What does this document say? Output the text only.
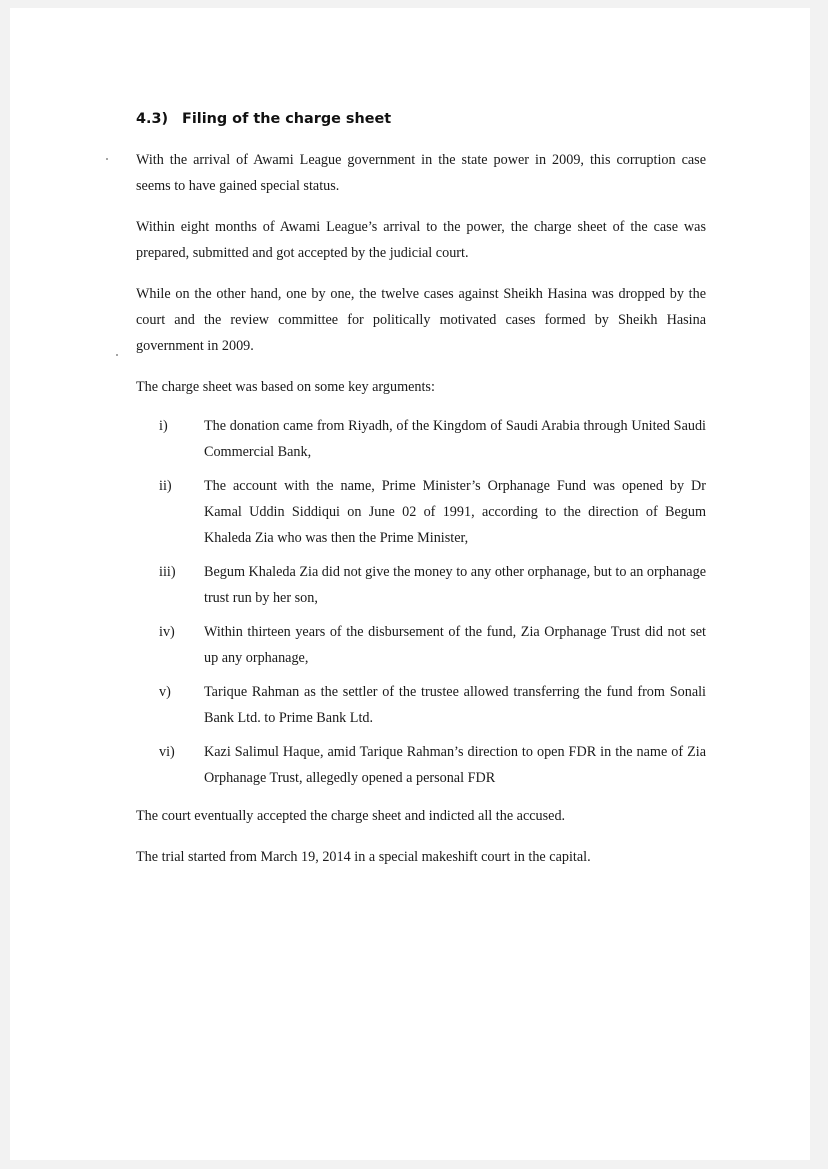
4.3) Filing of the charge sheet

With the arrival of Awami League government in the state power in 2009, this corruption case seems to have gained special status.

Within eight months of Awami League’s arrival to the power, the charge sheet of the case was prepared, submitted and got accepted by the judicial court.

While on the other hand, one by one, the twelve cases against Sheikh Hasina was dropped by the court and the review committee for politically motivated cases formed by Sheikh Hasina government in 2009.

The charge sheet was based on some key arguments:

i)	The donation came from Riyadh, of the Kingdom of Saudi Arabia through United Saudi Commercial Bank,
ii)	The account with the name, Prime Minister’s Orphanage Fund was opened by Dr Kamal Uddin Siddiqui on June 02 of 1991, according to the direction of Begum Khaleda Zia who was then the Prime Minister,
iii)	Begum Khaleda Zia did not give the money to any other orphanage, but to an orphanage trust run by her son,
iv)	Within thirteen years of the disbursement of the fund, Zia Orphanage Trust did not set up any orphanage,
v)	Tarique Rahman as the settler of the trustee allowed transferring the fund from Sonali Bank Ltd. to Prime Bank Ltd.
vi)	Kazi Salimul Haque, amid Tarique Rahman’s direction to open FDR in the name of Zia Orphanage Trust, allegedly opened a personal FDR

The court eventually accepted the charge sheet and indicted all the accused.

The trial started from March 19, 2014 in a special makeshift court in the capital.
